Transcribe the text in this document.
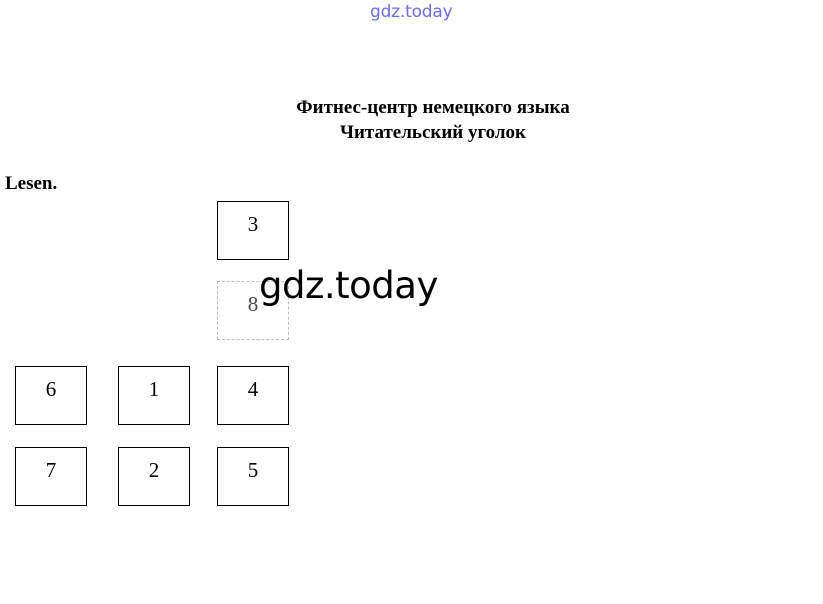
gdz.today
Фитнес-центр немецкого языка
Читательский уголок
Lesen.
3
8
6	1	4
7	2	5
gdz.today
